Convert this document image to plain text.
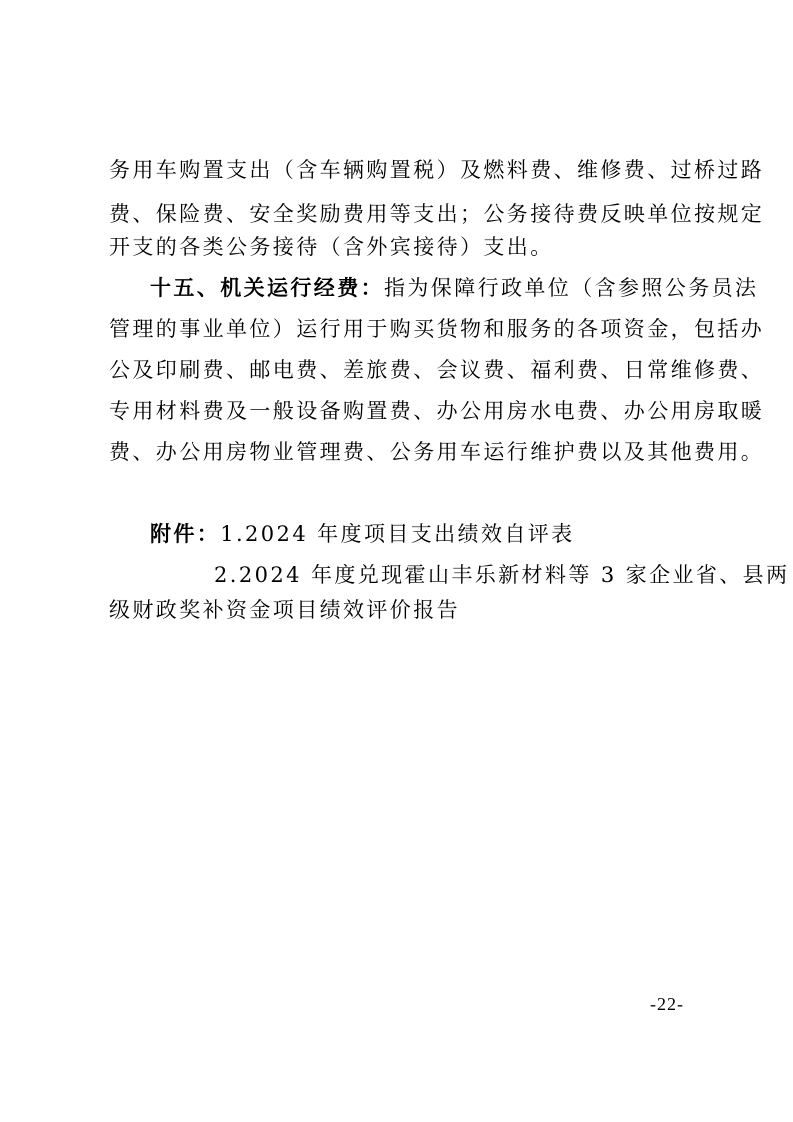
务用车购置支出（含车辆购置税）及燃料费、维修费、过桥过路
费、保险费、安全奖励费用等支出；公务接待费反映单位按规定
开支的各类公务接待（含外宾接待）支出。
十五、机关运行经费：指为保障行政单位（含参照公务员法
管理的事业单位）运行用于购买货物和服务的各项资金，包括办
公及印刷费、邮电费、差旅费、会议费、福利费、日常维修费、
专用材料费及一般设备购置费、办公用房水电费、办公用房取暖
费、办公用房物业管理费、公务用车运行维护费以及其他费用。
附件：1.2024 年度项目支出绩效自评表
2.2024 年度兑现霍山丰乐新材料等 3 家企业省、县两
级财政奖补资金项目绩效评价报告
-22-
